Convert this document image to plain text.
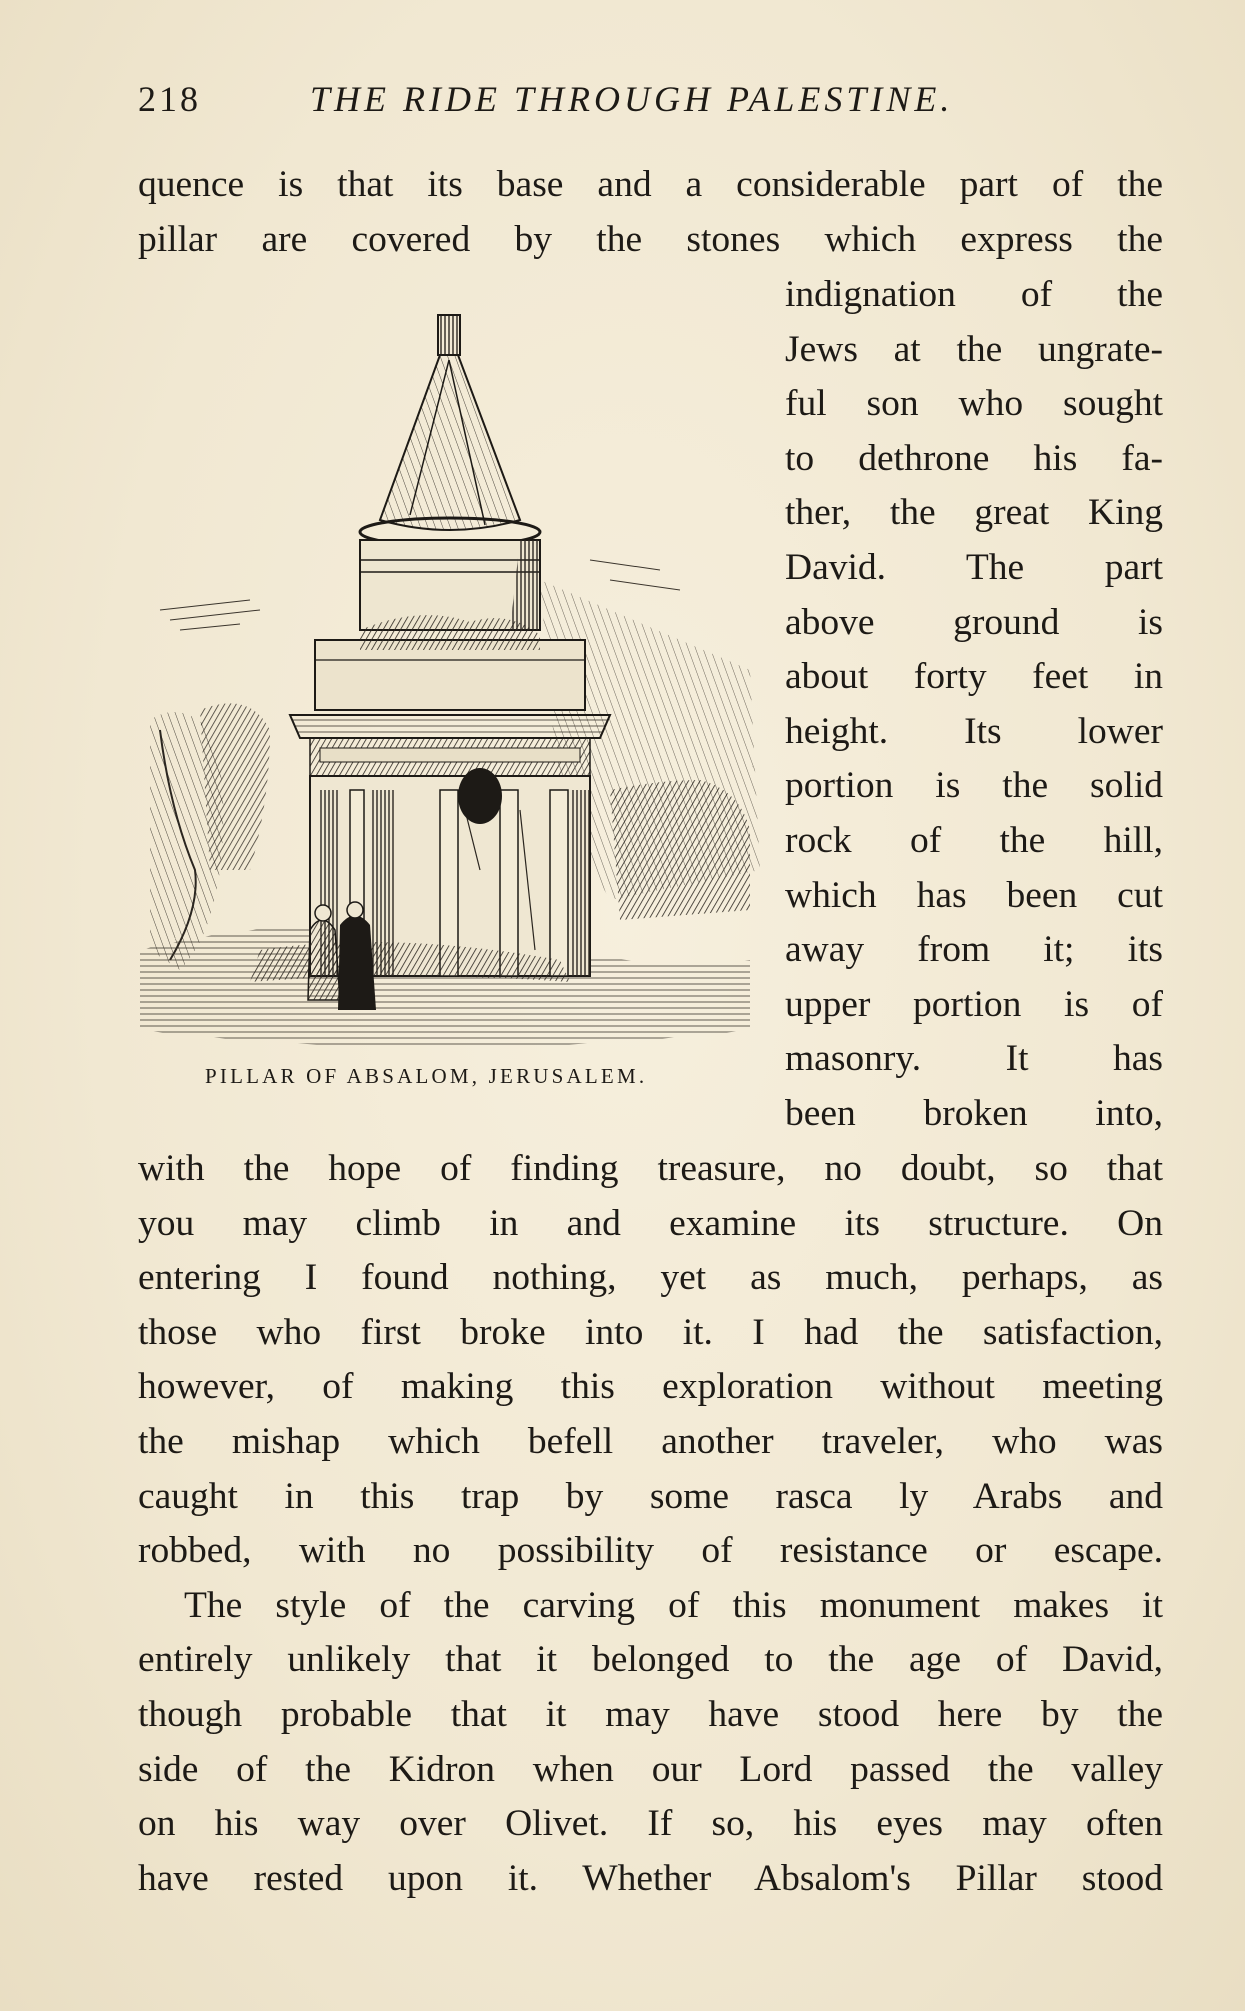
218	THE RIDE THROUGH PALESTINE.
quence is that its base and a considerable part of the
pillar are covered by the stones which express the
PILLAR OF ABSALOM, JERUSALEM.
indignation of the
Jews at the ungrate-
ful son who sought
to dethrone his fa-
ther, the great King
David. The part
above ground is
about forty feet in
height. Its lower
portion is the solid
rock of the hill,
which has been cut
away from it; its
upper portion is of
masonry. It has
been broken into,
with the hope of finding treasure, no doubt, so that
you may climb in and examine its structure. On
entering I found nothing, yet as much, perhaps, as
those who first broke into it. I had the satisfaction,
however, of making this exploration without meeting
the mishap which befell another traveler, who was
caught in this trap by some rasca ly Arabs and
robbed, with no possibility of resistance or escape.
The style of the carving of this monument makes it
entirely unlikely that it belonged to the age of David,
though probable that it may have stood here by the
side of the Kidron when our Lord passed the valley
on his way over Olivet. If so, his eyes may often
have rested upon it. Whether Absalom's Pillar stood
